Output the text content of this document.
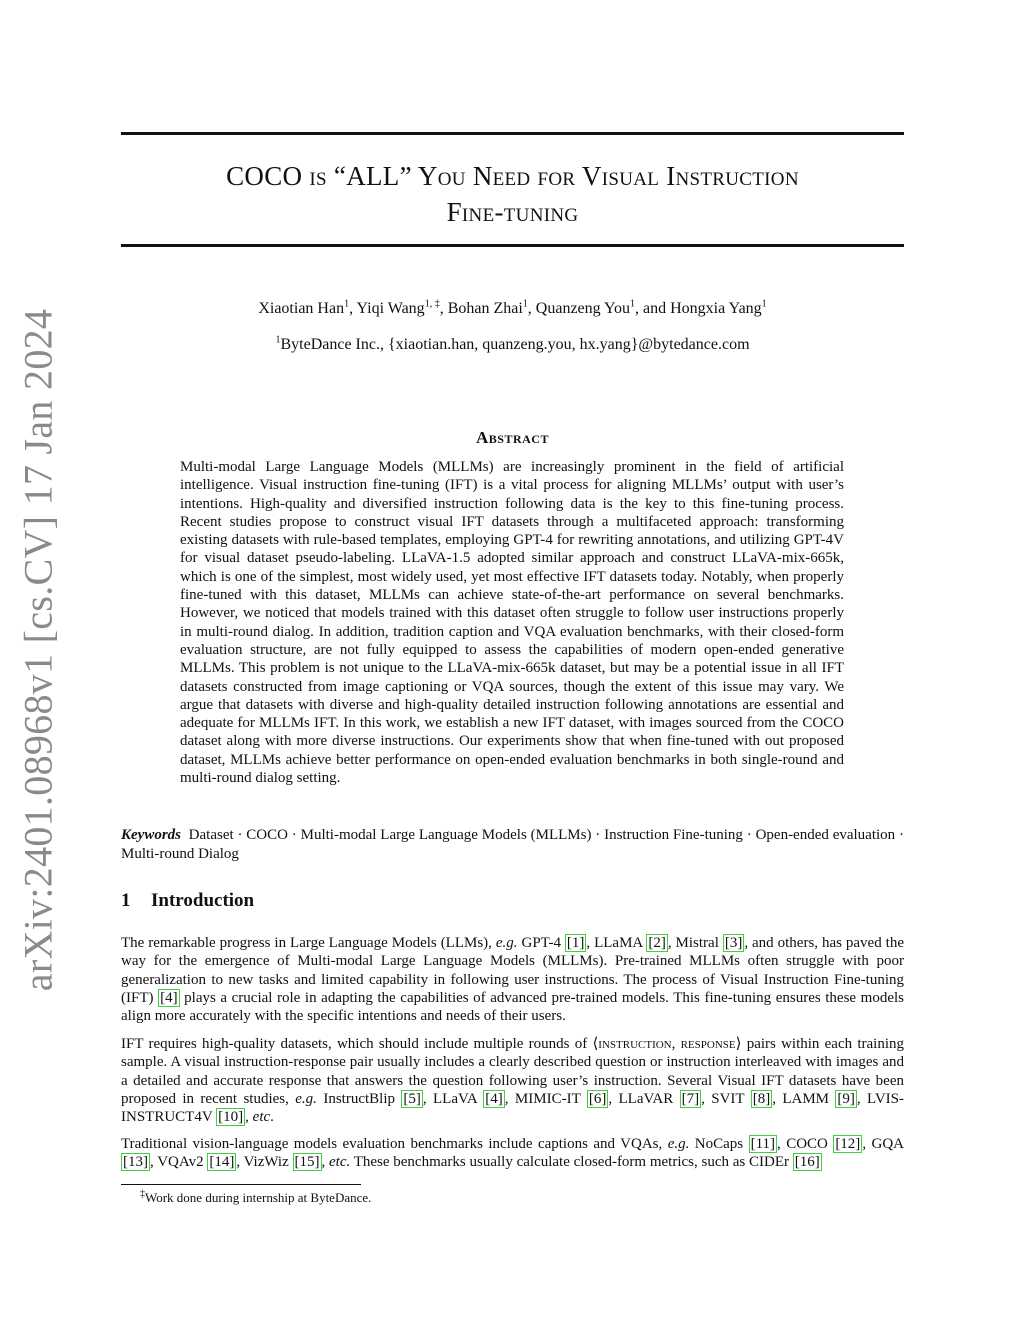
arXiv:2401.08968v1 [cs.CV] 17 Jan 2024
COCO is “ALL” You Need for Visual Instruction
Fine-tuning
Xiaotian Han$^1$, Yiqi Wang$^{1, \ddagger}$, Bohan Zhai$^1$, Quanzeng You$^1$, and Hongxia Yang$^1$
$^1$ByteDance Inc., {xiaotian.han, quanzeng.you, hx.yang}@bytedance.com
Abstract
Multi-modal Large Language Models (MLLMs) are increasingly prominent in the field of artificial intelligence. Visual instruction fine-tuning (IFT) is a vital process for aligning MLLMs’ output with user’s intentions. High-quality and diversified instruction following data is the key to this fine-tuning process. Recent studies propose to construct visual IFT datasets through a multifaceted approach: transforming existing datasets with rule-based templates, employing GPT-4 for rewriting annotations, and utilizing GPT-4V for visual dataset pseudo-labeling. LLaVA-1.5 adopted similar approach and construct LLaVA-mix-665k, which is one of the simplest, most widely used, yet most effective IFT datasets today. Notably, when properly fine-tuned with this dataset, MLLMs can achieve state-of-the-art performance on several benchmarks. However, we noticed that models trained with this dataset often struggle to follow user instructions properly in multi-round dialog. In addition, tradition caption and VQA evaluation benchmarks, with their closed-form evaluation structure, are not fully equipped to assess the capabilities of modern open-ended generative MLLMs. This problem is not unique to the LLaVA-mix-665k dataset, but may be a potential issue in all IFT datasets constructed from image captioning or VQA sources, though the extent of this issue may vary. We argue that datasets with diverse and high-quality detailed instruction following annotations are essential and adequate for MLLMs IFT. In this work, we establish a new IFT dataset, with images sourced from the COCO dataset along with more diverse instructions. Our experiments show that when fine-tuned with out proposed dataset, MLLMs achieve better performance on open-ended evaluation benchmarks in both single-round and multi-round dialog setting.
Keywords Dataset · COCO · Multi-modal Large Language Models (MLLMs) · Instruction Fine-tuning · Open-ended evaluation · Multi-round Dialog
1 Introduction
The remarkable progress in Large Language Models (LLMs), e.g. GPT-4 [1] , LLaMA [2] , Mistral [3] , and others, has paved the way for the emergence of Multi-modal Large Language Models (MLLMs). Pre-trained MLLMs often struggle with poor generalization to new tasks and limited capability in following user instructions. The process of Visual Instruction Fine-tuning (IFT) [4] plays a crucial role in adapting the capabilities of advanced pre-trained models. This fine-tuning ensures these models align more accurately with the specific intentions and needs of their users.
IFT requires high-quality datasets, which should include multiple rounds of ⟨instruction, response⟩ pairs within each training sample. A visual instruction-response pair usually includes a clearly described question or instruction interleaved with images and a detailed and accurate response that answers the question following user’s instruction. Several Visual IFT datasets have been proposed in recent studies, e.g. InstructBlip [5] , LLaVA [4] , MIMIC-IT [6] , LLaVAR [7] , SVIT [8] , LAMM [9] , LVIS-INSTRUCT4V [10] , etc.
Traditional vision-language models evaluation benchmarks include captions and VQAs, e.g. NoCaps [11] , COCO [12] , GQA [13] , VQAv2 [14] , VizWiz [15] , etc. These benchmarks usually calculate closed-form metrics, such as CIDEr [16]
‡Work done during internship at ByteDance.
